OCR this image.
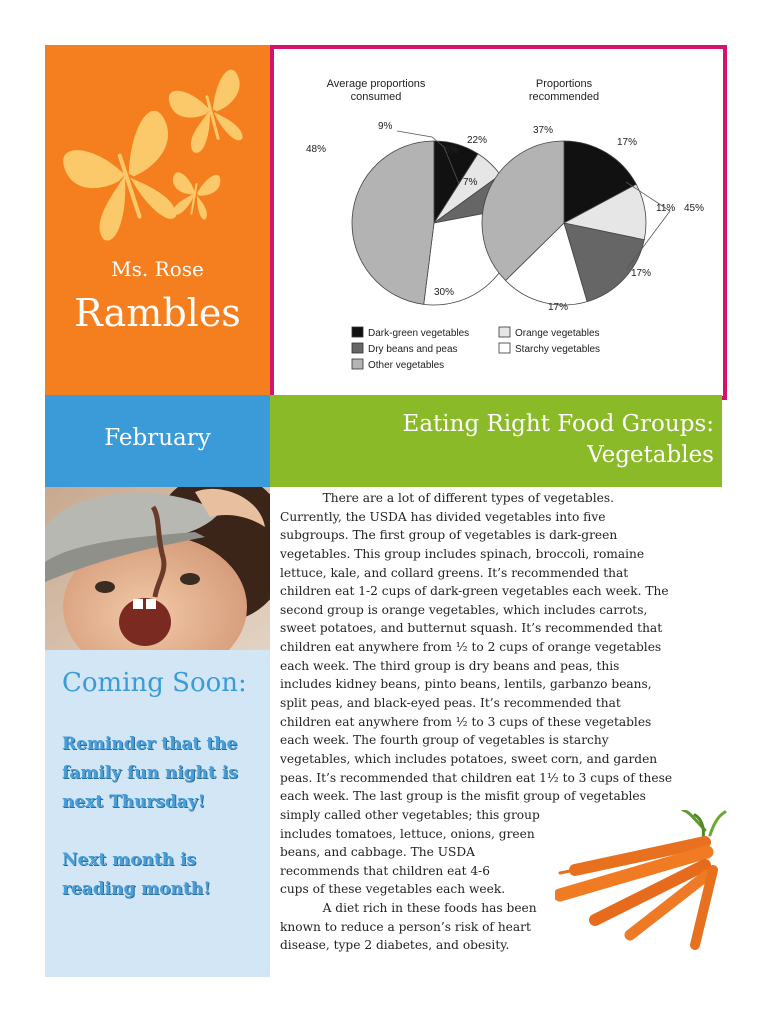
Ms. Rose
Rambles
Average proportions
consumed
9%
6%
7%
30%
48%
22%
Proportions
recommended
17%
11%
17%
17%
37%
45%
Dark-green vegetables	Orange vegetables
Dry beans and peas	Starchy vegetables
Other vegetables
February
Eating Right Food Groups:
Vegetables
Coming Soon:
Reminder that the
family fun night is
next Thursday!
Next month is
reading month!
There are a lot of different types of vegetables.
Currently, the USDA has divided vegetables into five
subgroups. The first group of vegetables is dark-green
vegetables. This group includes spinach, broccoli, romaine
lettuce, kale, and collard greens. It’s recommended that
children eat 1-2 cups of dark-green vegetables each week. The
second group is orange vegetables, which includes carrots,
sweet potatoes, and butternut squash. It’s recommended that
children eat anywhere from ½ to 2 cups of orange vegetables
each week. The third group is dry beans and peas, this
includes kidney beans, pinto beans, lentils, garbanzo beans,
split peas, and black-eyed peas. It’s recommended that
children eat anywhere from ½ to 3 cups of these vegetables
each week. The fourth group of vegetables is starchy
vegetables, which includes potatoes, sweet corn, and garden
peas. It’s recommended that children eat 1½ to 3 cups of these
each week. The last group is the misfit group of vegetables
simply called other vegetables; this group
includes tomatoes, lettuce, onions, green
beans, and cabbage. The USDA
recommends that children eat 4-6
cups of these vegetables each week.
A diet rich in these foods has been
known to reduce a person’s risk of heart
disease, type 2 diabetes, and obesity.
